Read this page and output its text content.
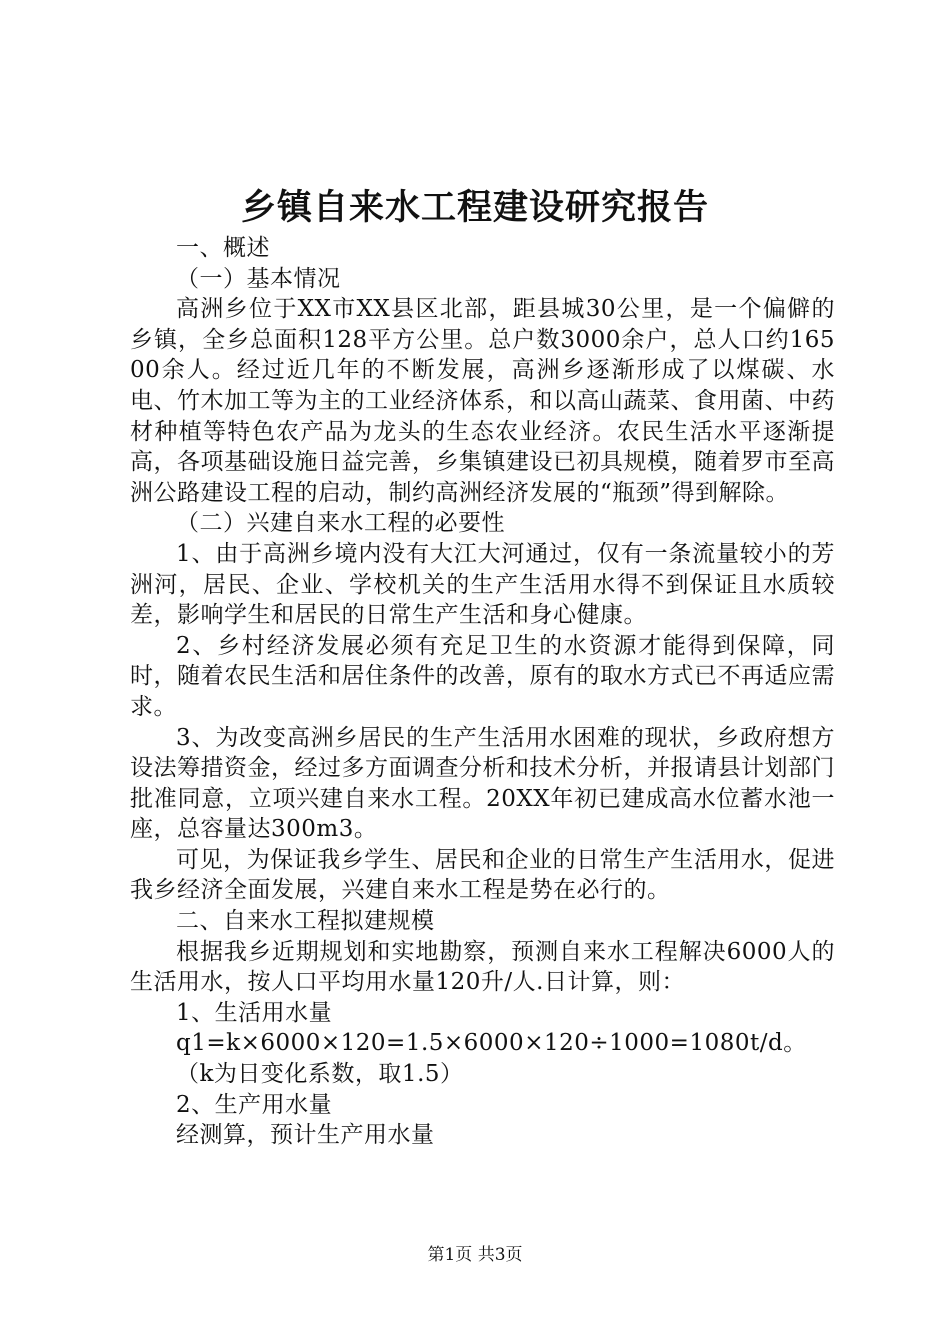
乡镇自来水工程建设研究报告

一、概述

（一）基本情况

高洲乡位于XX市XX县区北部，距县城30公里，是一个偏僻的乡镇，全乡总面积128平方公里。总户数3000余户，总人口约16500余人。经过近几年的不断发展，高洲乡逐渐形成了以煤碳、水电、竹木加工等为主的工业经济体系，和以高山蔬菜、食用菌、中药材种植等特色农产品为龙头的生态农业经济。农民生活水平逐渐提高，各项基础设施日益完善，乡集镇建设已初具规模，随着罗市至高洲公路建设工程的启动，制约高洲经济发展的“瓶颈”得到解除。

（二）兴建自来水工程的必要性

1、由于高洲乡境内没有大江大河通过，仅有一条流量较小的芳洲河，居民、企业、学校机关的生产生活用水得不到保证且水质较差，影响学生和居民的日常生产生活和身心健康。

2、乡村经济发展必须有充足卫生的水资源才能得到保障，同时，随着农民生活和居住条件的改善，原有的取水方式已不再适应需求。

3、为改变高洲乡居民的生产生活用水困难的现状，乡政府想方设法筹措资金，经过多方面调查分析和技术分析，并报请县计划部门批准同意，立项兴建自来水工程。20XX年初已建成高水位蓄水池一座，总容量达300m3。

可见，为保证我乡学生、居民和企业的日常生产生活用水，促进我乡经济全面发展，兴建自来水工程是势在必行的。

二、自来水工程拟建规模

根据我乡近期规划和实地勘察，预测自来水工程解决6000人的生活用水，按人口平均用水量120升/人.日计算，则：

1、生活用水量

q1=k×6000×120=1.5×6000×120÷1000=1080t/d。

（k为日变化系数，取1.5）

2、生产用水量

经测算，预计生产用水量

第1页 共3页
